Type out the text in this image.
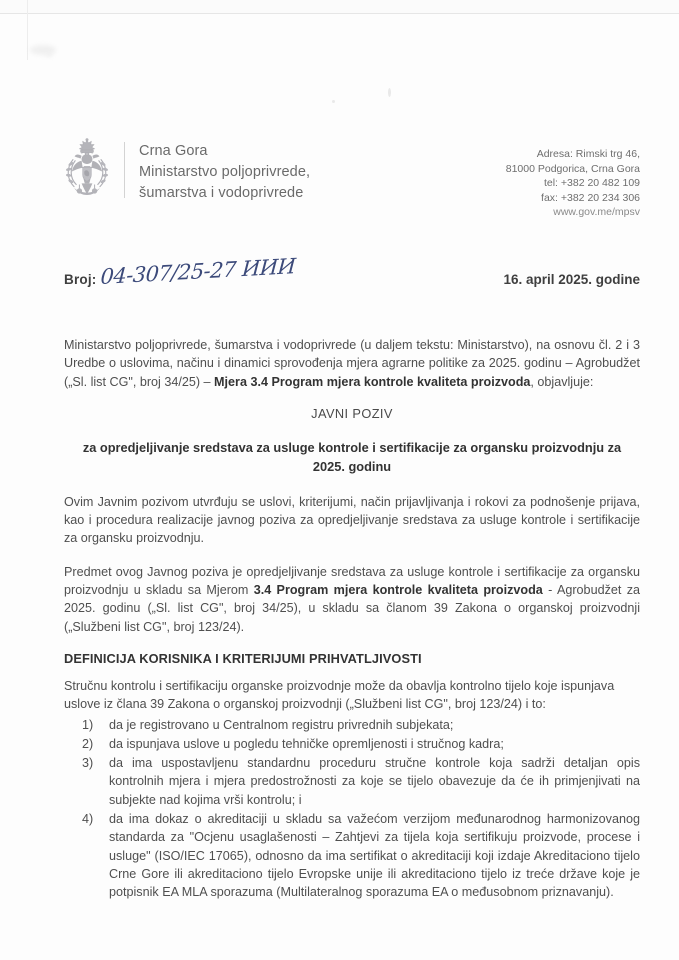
Crna Gora
Ministarstvo poljoprivrede,
šumarstva i vodoprivrede
Adresa: Rimski trg 46,
81000 Podgorica, Crna Gora
tel: +382 20 482 109
fax: +382 20 234 306
www.gov.me/mpsv
Broj: 04-307/25-27 ИИИ	16. april 2025. godine

Ministarstvo poljoprivrede, šumarstva i vodoprivrede (u daljem tekstu: Ministarstvo), na osnovu čl. 2 i 3 Uredbe o uslovima, načinu i dinamici sprovođenja mjera agrarne politike za 2025. godinu – Agrobudžet („Sl. list CG", broj 34/25) – Mjera 3.4 Program mjera kontrole kvaliteta proizvoda, objavljuje:

JAVNI POZIV
za opredjeljivanje sredstava za usluge kontrole i sertifikacije za organsku proizvodnju za 2025. godinu

Ovim Javnim pozivom utvrđuju se uslovi, kriterijumi, način prijavljivanja i rokovi za podnošenje prijava, kao i procedura realizacije javnog poziva za opredjeljivanje sredstava za usluge kontrole i sertifikacije za organsku proizvodnju.

Predmet ovog Javnog poziva je opredjeljivanje sredstava za usluge kontrole i sertifikacije za organsku proizvodnju u skladu sa Mjerom 3.4 Program mjera kontrole kvaliteta proizvoda - Agrobudžet za 2025. godinu („Sl. list CG", broj 34/25), u skladu sa članom 39 Zakona o organskoj proizvodnji („Službeni list CG", broj 123/24).

DEFINICIJA KORISNIKA I KRITERIJUMI PRIHVATLJIVOSTI

Stručnu kontrolu i sertifikaciju organske proizvodnje može da obavlja kontrolno tijelo koje ispunjava uslove iz člana 39 Zakona o organskoj proizvodnji („Službeni list CG", broj 123/24) i to:

1)	da je registrovano u Centralnom registru privrednih subjekata;
2)	da ispunjava uslove u pogledu tehničke opremljenosti i stručnog kadra;
3)	da ima uspostavljenu standardnu proceduru stručne kontrole koja sadrži detaljan opis kontrolnih mjera i mjera predostrožnosti za koje se tijelo obavezuje da će ih primjenjivati na subjekte nad kojima vrši kontrolu; i
4)	da ima dokaz o akreditaciji u skladu sa važećom verzijom međunarodnog harmonizovanog standarda za "Ocjenu usaglašenosti – Zahtjevi za tijela koja sertifikuju proizvode, procese i usluge" (ISO/IEC 17065), odnosno da ima sertifikat o akreditaciji koji izdaje Akreditaciono tijelo Crne Gore ili akreditaciono tijelo Evropske unije ili akreditaciono tijelo iz treće države koje je potpisnik EA MLA sporazuma (Multilateralnog sporazuma EA o međusobnom priznavanju).
